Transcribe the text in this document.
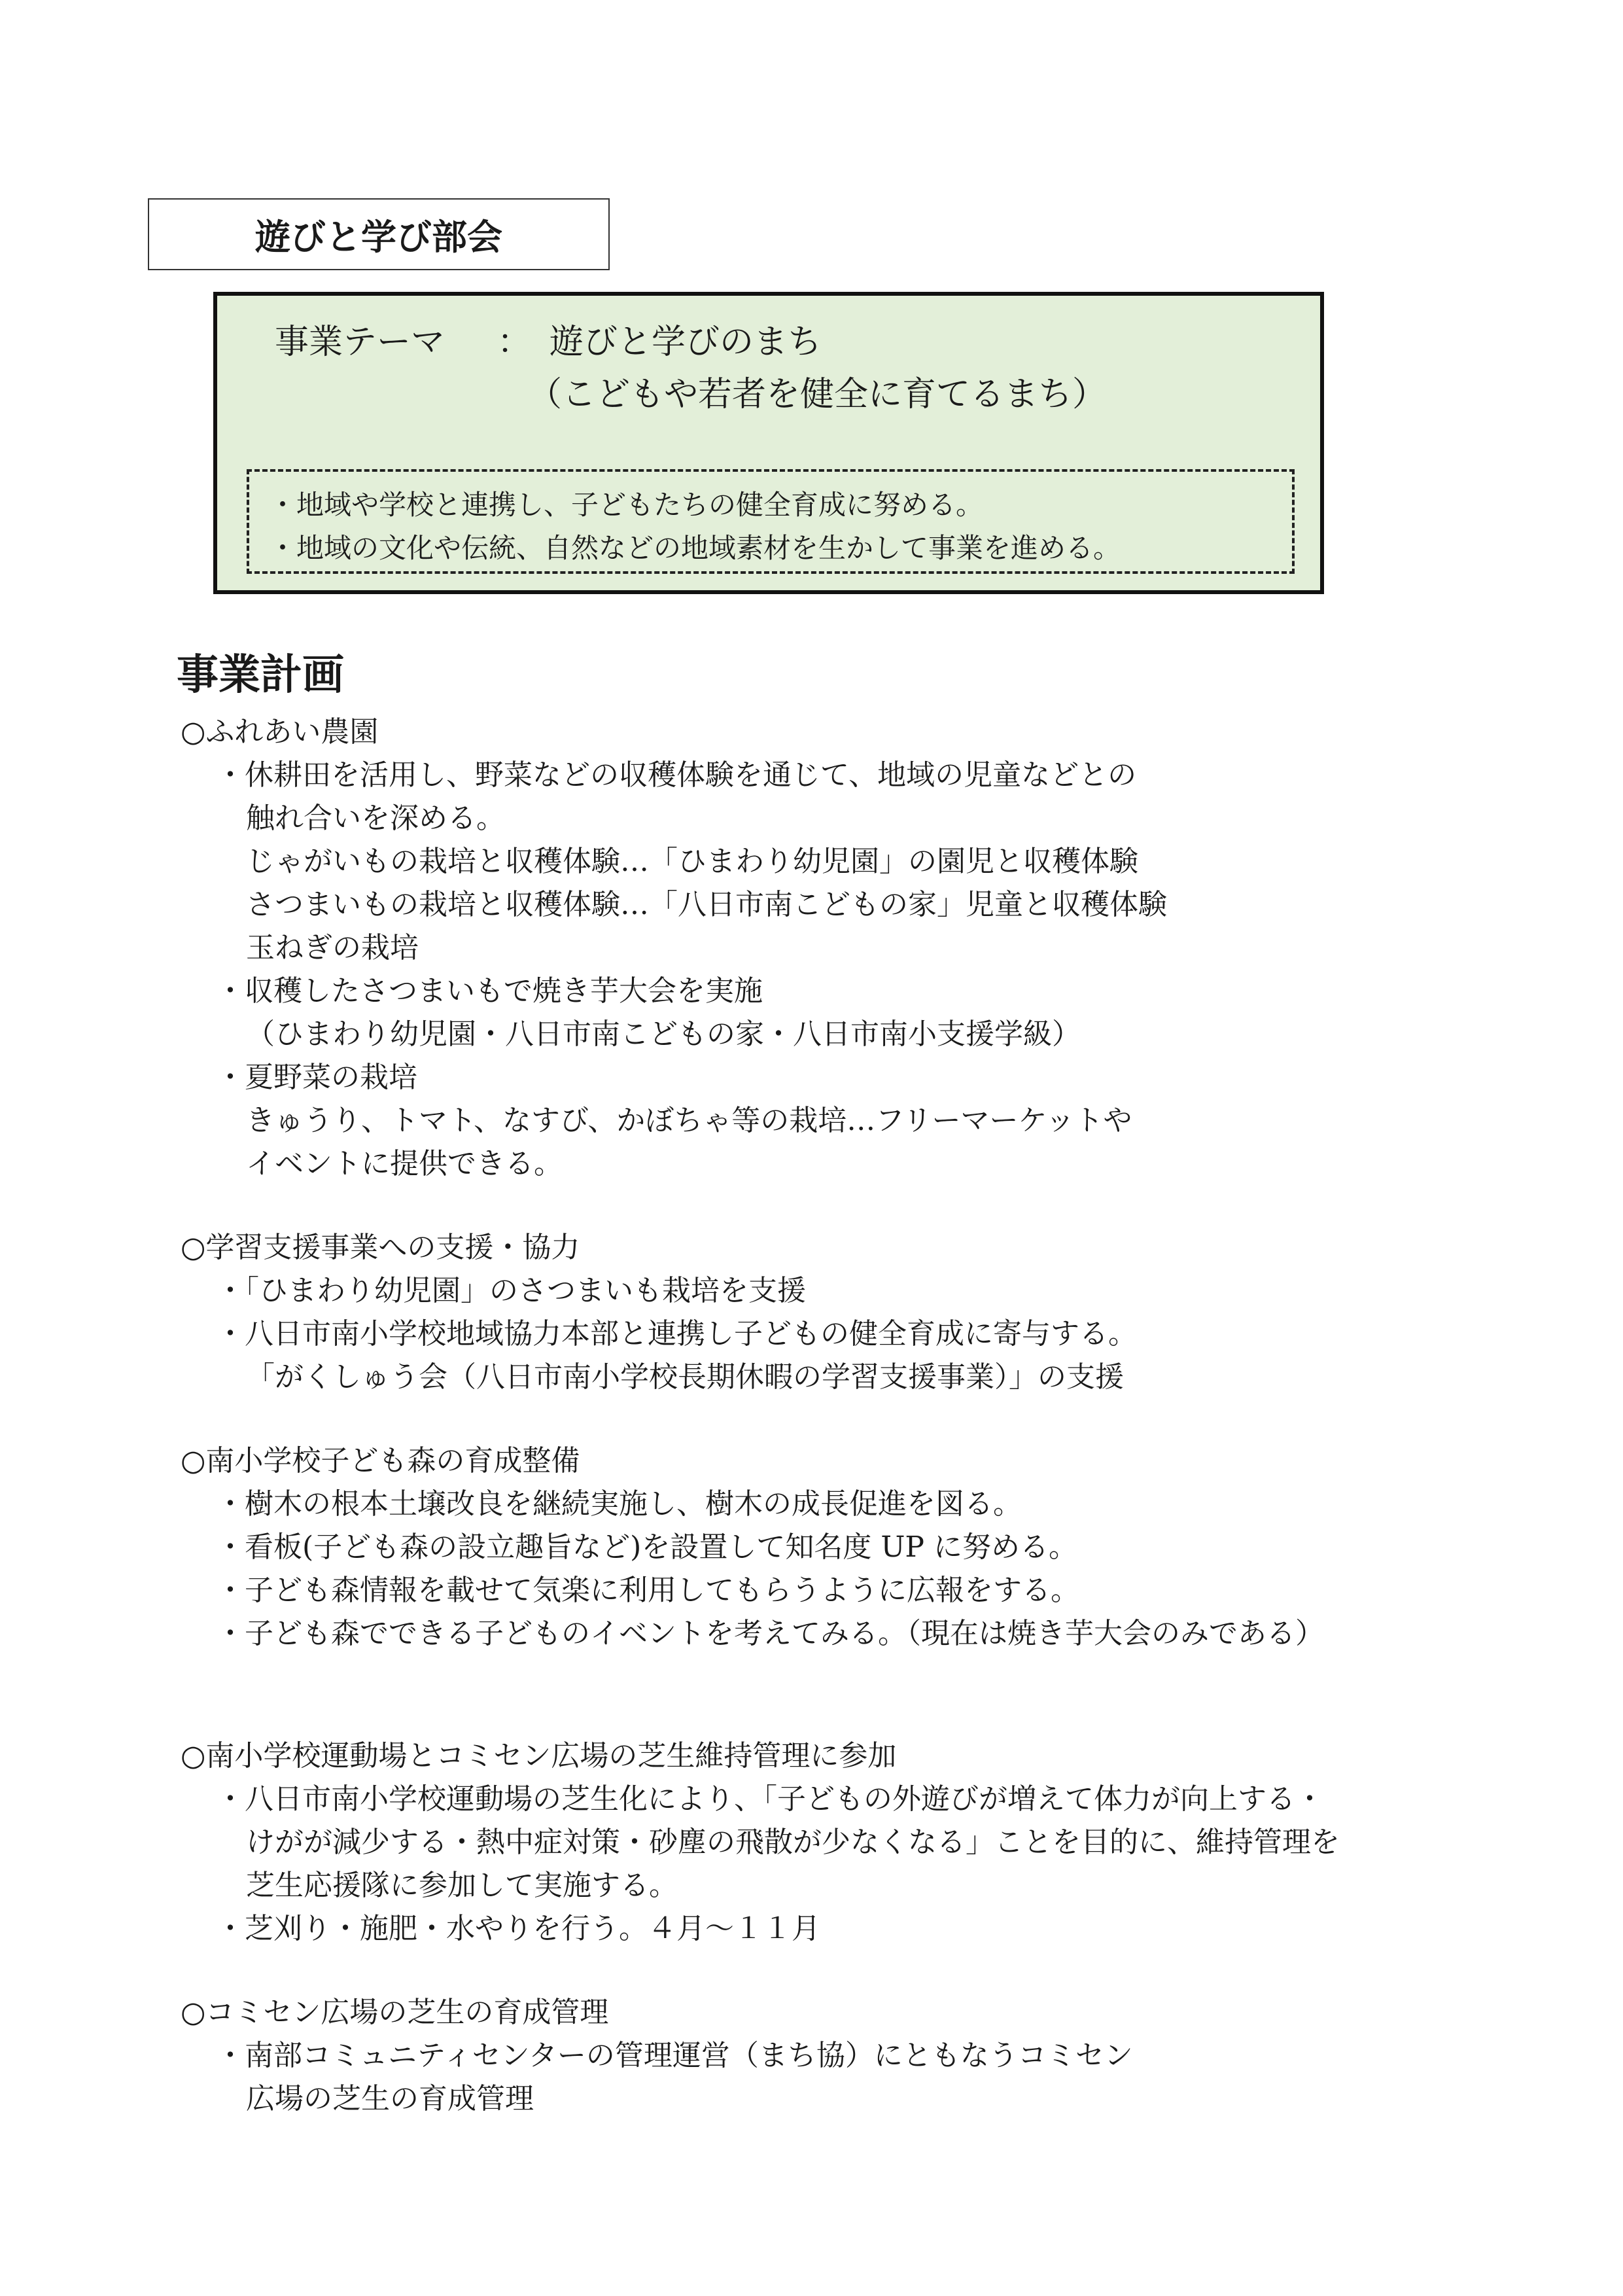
遊びと学び部会
事業テーマ ： 遊びと学びのまち
（こどもや若者を健全に育てるまち）
・地域や学校と連携し、子どもたちの健全育成に努める。
・地域の文化や伝統、自然などの地域素材を生かして事業を進める。
事業計画
○ふれあい農園
・休耕田を活用し、野菜などの収穫体験を通じて、地域の児童などとの
触れ合いを深める。
じゃがいもの栽培と収穫体験…「ひまわり幼児園」の園児と収穫体験
さつまいもの栽培と収穫体験…「八日市南こどもの家」児童と収穫体験
玉ねぎの栽培
・収穫したさつまいもで焼き芋大会を実施
（ひまわり幼児園・八日市南こどもの家・八日市南小支援学級）
・夏野菜の栽培
きゅうり、トマト、なすび、かぼちゃ等の栽培…フリーマーケットや
イベントに提供できる。
○学習支援事業への支援・協力
・「ひまわり幼児園」のさつまいも栽培を支援
・八日市南小学校地域協力本部と連携し子どもの健全育成に寄与する。
「がくしゅう会（八日市南小学校長期休暇の学習支援事業）」の支援
○南小学校子ども森の育成整備
・樹木の根本土壌改良を継続実施し、樹木の成長促進を図る。
・看板(子ども森の設立趣旨など)を設置して知名度 UP に努める。
・子ども森情報を載せて気楽に利用してもらうように広報をする。
・子ども森でできる子どものイベントを考えてみる。（現在は焼き芋大会のみである）
○南小学校運動場とコミセン広場の芝生維持管理に参加
・八日市南小学校運動場の芝生化により、「子どもの外遊びが増えて体力が向上する・
けがが減少する・熱中症対策・砂塵の飛散が少なくなる」ことを目的に、維持管理を
芝生応援隊に参加して実施する。
・芝刈り・施肥・水やりを行う。４月～１１月
○コミセン広場の芝生の育成管理
・南部コミュニティセンターの管理運営（まち協）にともなうコミセン
広場の芝生の育成管理
